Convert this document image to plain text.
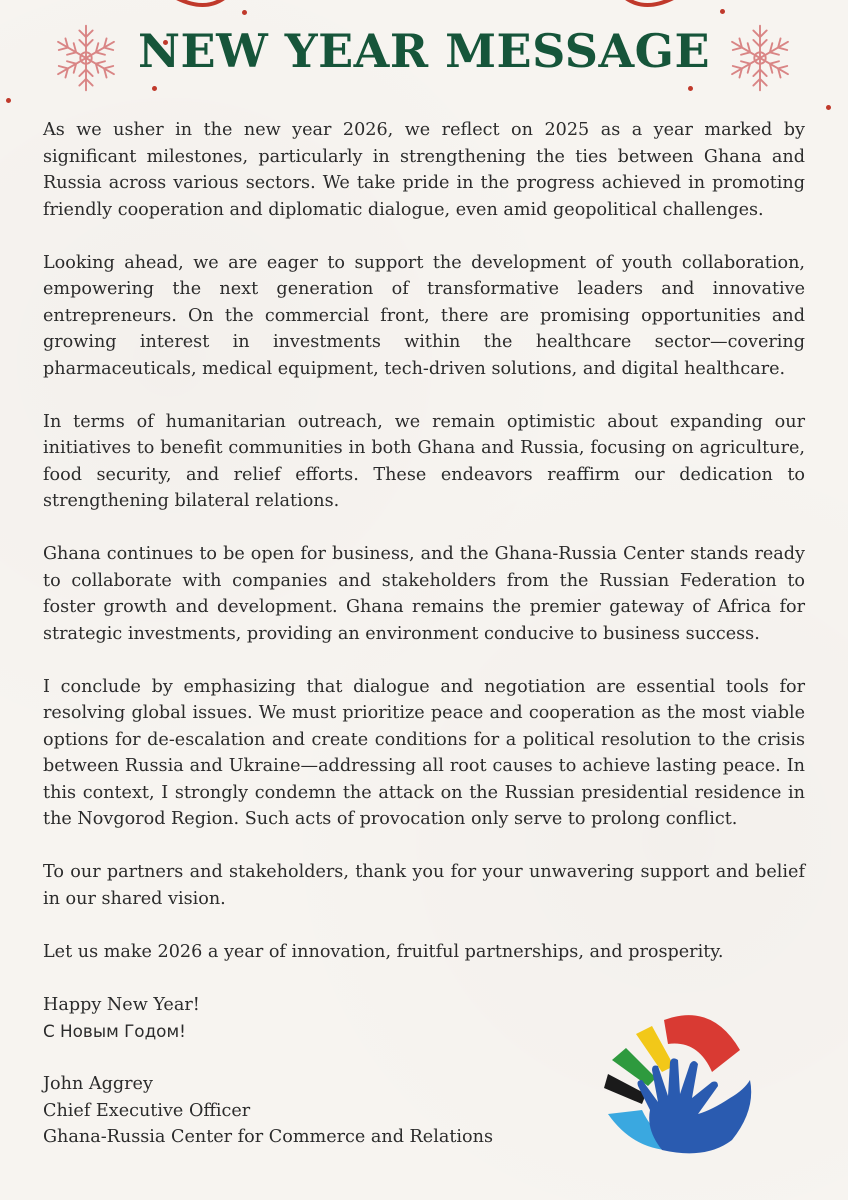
NEW YEAR MESSAGE

As we usher in the new year 2026, we reflect on 2025 as a year marked by significant milestones, particularly in strengthening the ties between Ghana and Russia across various sectors. We take pride in the progress achieved in promoting friendly cooperation and diplomatic dialogue, even amid geopolitical challenges.

Looking ahead, we are eager to support the development of youth collaboration, empowering the next generation of transformative leaders and innovative entrepreneurs. On the commercial front, there are promising opportunities and growing interest in investments within the healthcare sector—covering pharmaceuticals, medical equipment, tech-driven solutions, and digital healthcare.

In terms of humanitarian outreach, we remain optimistic about expanding our initiatives to benefit communities in both Ghana and Russia, focusing on agriculture, food security, and relief efforts. These endeavors reaffirm our dedication to strengthening bilateral relations.

Ghana continues to be open for business, and the Ghana-Russia Center stands ready to collaborate with companies and stakeholders from the Russian Federation to foster growth and development. Ghana remains the premier gateway of Africa for strategic investments, providing an environment conducive to business success.

I conclude by emphasizing that dialogue and negotiation are essential tools for resolving global issues. We must prioritize peace and cooperation as the most viable options for de-escalation and create conditions for a political resolution to the crisis between Russia and Ukraine—addressing all root causes to achieve lasting peace. In this context, I strongly condemn the attack on the Russian presidential residence in the Novgorod Region. Such acts of provocation only serve to prolong conflict.

To our partners and stakeholders, thank you for your unwavering support and belief in our shared vision.

Let us make 2026 a year of innovation, fruitful partnerships, and prosperity.

Happy New Year!

С Новым Годом!

John Aggrey

Chief Executive Officer

Ghana-Russia Center for Commerce and Relations
